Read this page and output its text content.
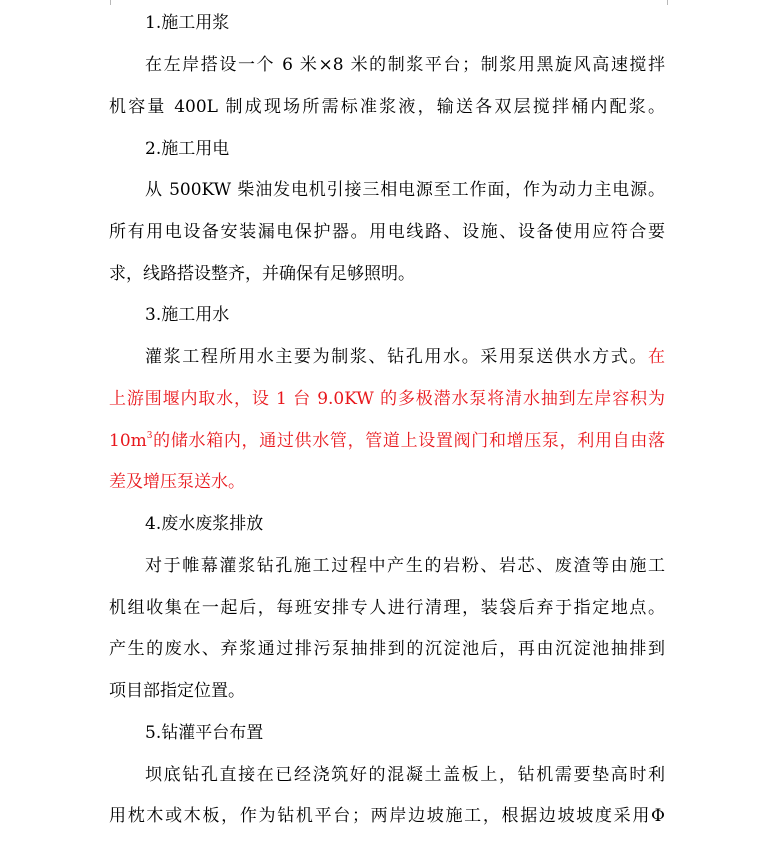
1.施工用浆
在左岸搭设一个 6 米×8 米的制浆平台；制浆用黑旋风高速搅拌
机容量 400L 制成现场所需标准浆液，输送各双层搅拌桶内配浆。
2.施工用电
从 500KW 柴油发电机引接三相电源至工作面，作为动力主电源。
所有用电设备安装漏电保护器。用电线路、设施、设备使用应符合要
求，线路搭设整齐，并确保有足够照明。
3.施工用水
灌浆工程所用水主要为制浆、钻孔用水。采用泵送供水方式。在
上游围堰内取水，设 1 台 9.0KW 的多极潜水泵将清水抽到左岸容积为
$10m^3$的储水箱内，通过供水管，管道上设置阀门和增压泵，利用自由落
差及增压泵送水。
4.废水废浆排放
对于帷幕灌浆钻孔施工过程中产生的岩粉、岩芯、废渣等由施工
机组收集在一起后，每班安排专人进行清理，装袋后弃于指定地点。
产生的废水、弃浆通过排污泵抽排到的沉淀池后，再由沉淀池抽排到
项目部指定位置。
5.钻灌平台布置
坝底钻孔直接在已经浇筑好的混凝土盖板上，钻机需要垫高时利
用枕木或木板，作为钻机平台；两岸边坡施工，根据边坡坡度采用Φ
